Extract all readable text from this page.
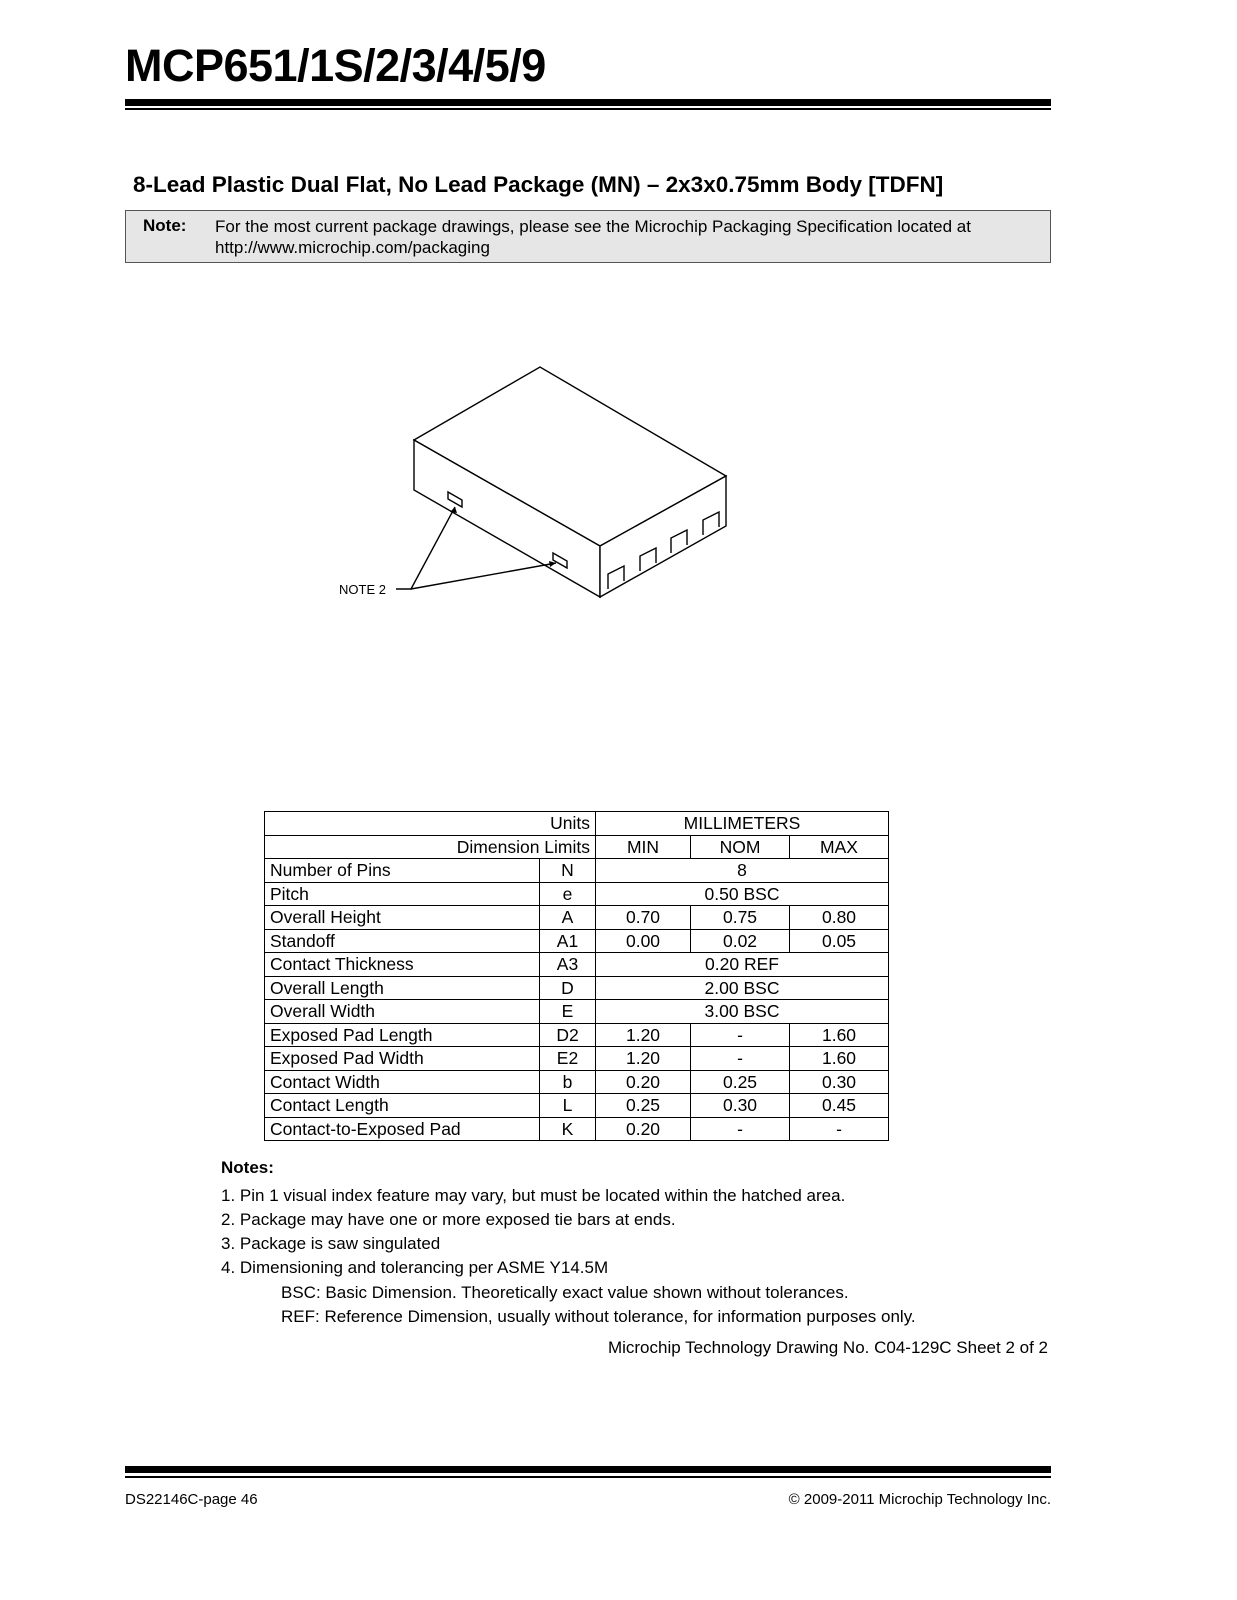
MCP651/1S/2/3/4/5/9
8-Lead Plastic Dual Flat, No Lead Package (MN) – 2x3x0.75mm Body [TDFN]
Note: For the most current package drawings, please see the Microchip Packaging Specification located at
http://www.microchip.com/packaging
NOTE 2
Units		MILLIMETERS		
Dimension Limits		MIN	NOM	MAX
Number of Pins	N	8		
Pitch	e	0.50 BSC		
Overall Height	A	0.70	0.75	0.80
Standoff	A1	0.00	0.02	0.05
Contact Thickness	A3	0.20 REF		
Overall Length	D	2.00 BSC		
Overall Width	E	3.00 BSC		
Exposed Pad Length	D2	1.20	-	1.60
Exposed Pad Width	E2	1.20	-	1.60
Contact Width	b	0.20	0.25	0.30
Contact Length	L	0.25	0.30	0.45
Contact-to-Exposed Pad	K	0.20	-	-
Notes:
1. Pin 1 visual index feature may vary, but must be located within the hatched area.
2. Package may have one or more exposed tie bars at ends.
3. Package is saw singulated
4. Dimensioning and tolerancing per ASME Y14.5M
BSC: Basic Dimension. Theoretically exact value shown without tolerances.
REF: Reference Dimension, usually without tolerance, for information purposes only.
Microchip Technology Drawing No. C04-129C Sheet 2 of 2
DS22146C-page 46	© 2009-2011 Microchip Technology Inc.
